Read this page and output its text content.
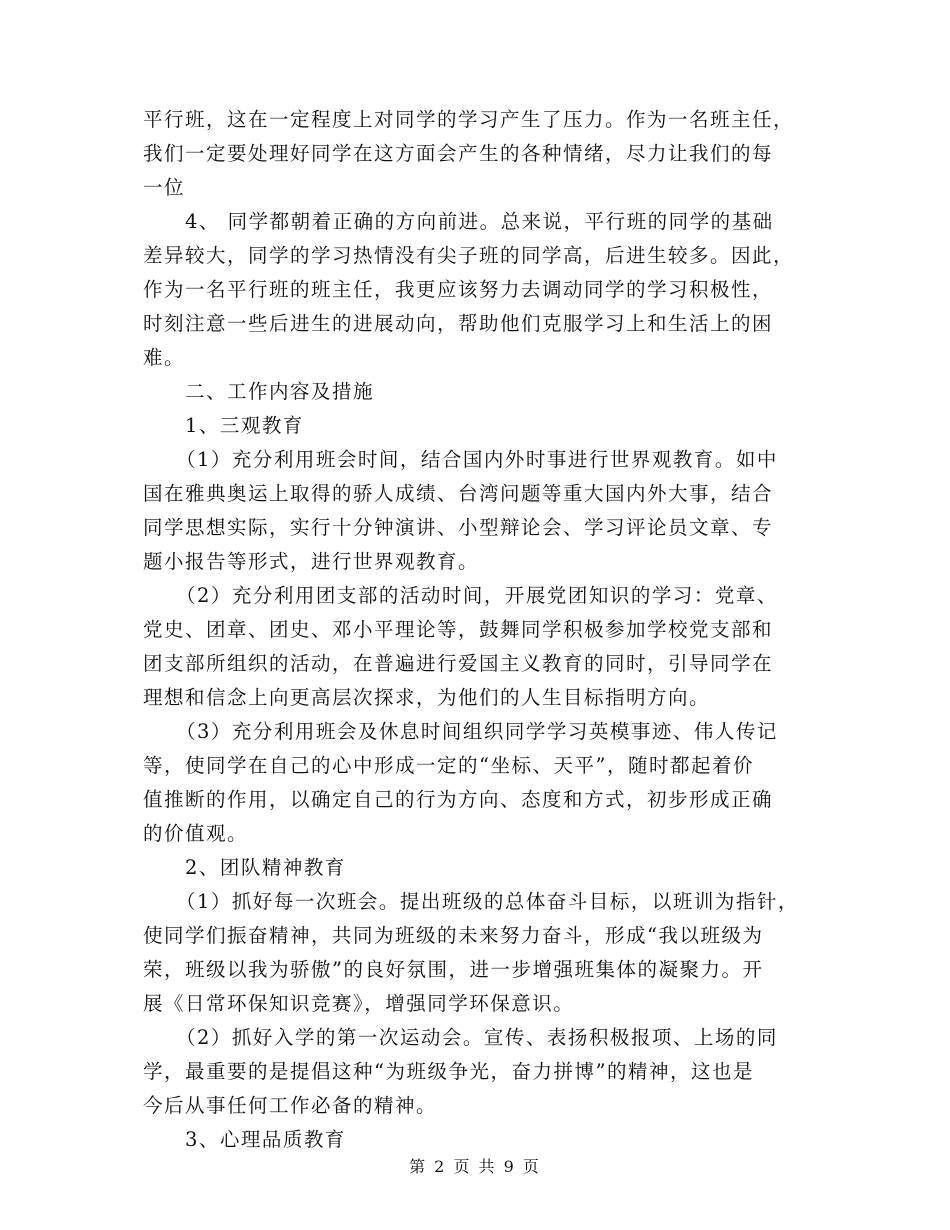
平行班，这在一定程度上对同学的学习产生了压力。作为一名班主任，
我们一定要处理好同学在这方面会产生的各种情绪，尽力让我们的每
一位
4、 同学都朝着正确的方向前进。总来说，平行班的同学的基础
差异较大，同学的学习热情没有尖子班的同学高，后进生较多。因此，
作为一名平行班的班主任，我更应该努力去调动同学的学习积极性，
时刻注意一些后进生的进展动向，帮助他们克服学习上和生活上的困
难。
二、工作内容及措施
1、三观教育
（1）充分利用班会时间，结合国内外时事进行世界观教育。如中
国在雅典奥运上取得的骄人成绩、台湾问题等重大国内外大事，结合
同学思想实际，实行十分钟演讲、小型辩论会、学习评论员文章、专
题小报告等形式，进行世界观教育。
（2）充分利用团支部的活动时间，开展党团知识的学习：党章、
党史、团章、团史、邓小平理论等，鼓舞同学积极参加学校党支部和
团支部所组织的活动，在普遍进行爱国主义教育的同时，引导同学在
理想和信念上向更高层次探求，为他们的人生目标指明方向。
（3）充分利用班会及休息时间组织同学学习英模事迹、伟人传记
等，使同学在自己的心中形成一定的“坐标、天平”，随时都起着价
值推断的作用，以确定自己的行为方向、态度和方式，初步形成正确
的价值观。
2、团队精神教育
（1）抓好每一次班会。提出班级的总体奋斗目标，以班训为指针，
使同学们振奋精神，共同为班级的未来努力奋斗，形成“我以班级为
荣，班级以我为骄傲”的良好氛围，进一步增强班集体的凝聚力。开
展《日常环保知识竞赛》，增强同学环保意识。
（2）抓好入学的第一次运动会。宣传、表扬积极报项、上场的同
学，最重要的是提倡这种“为班级争光，奋力拼博”的精神，这也是
今后从事任何工作必备的精神。
3、心理品质教育
第 2 页 共 9 页
